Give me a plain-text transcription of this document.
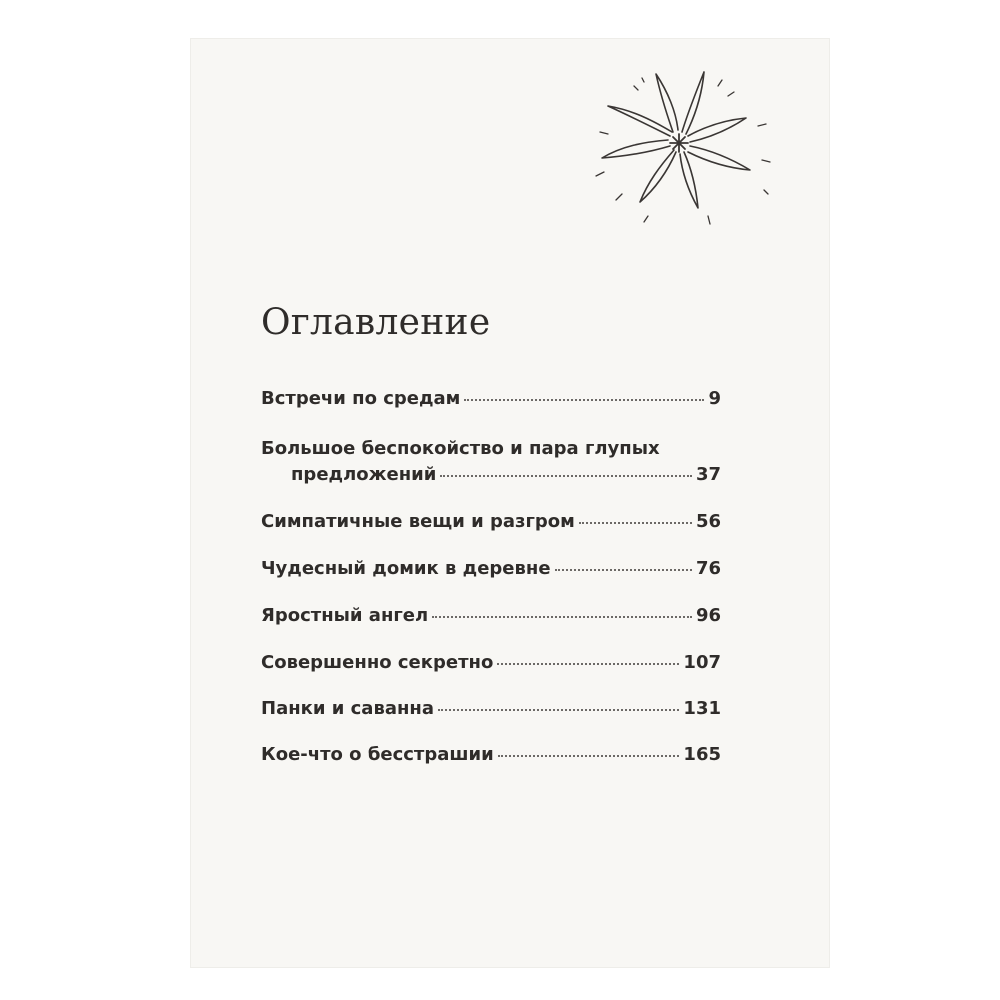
Оглавление
Встречи по средам	9
Большое беспокойство и пара глупых
предложений	37
Симпатичные вещи и разгром	56
Чудесный домик в деревне	76
Яростный ангел	96
Совершенно секретно	107
Панки и саванна	131
Кое-что о бесстрашии	165
